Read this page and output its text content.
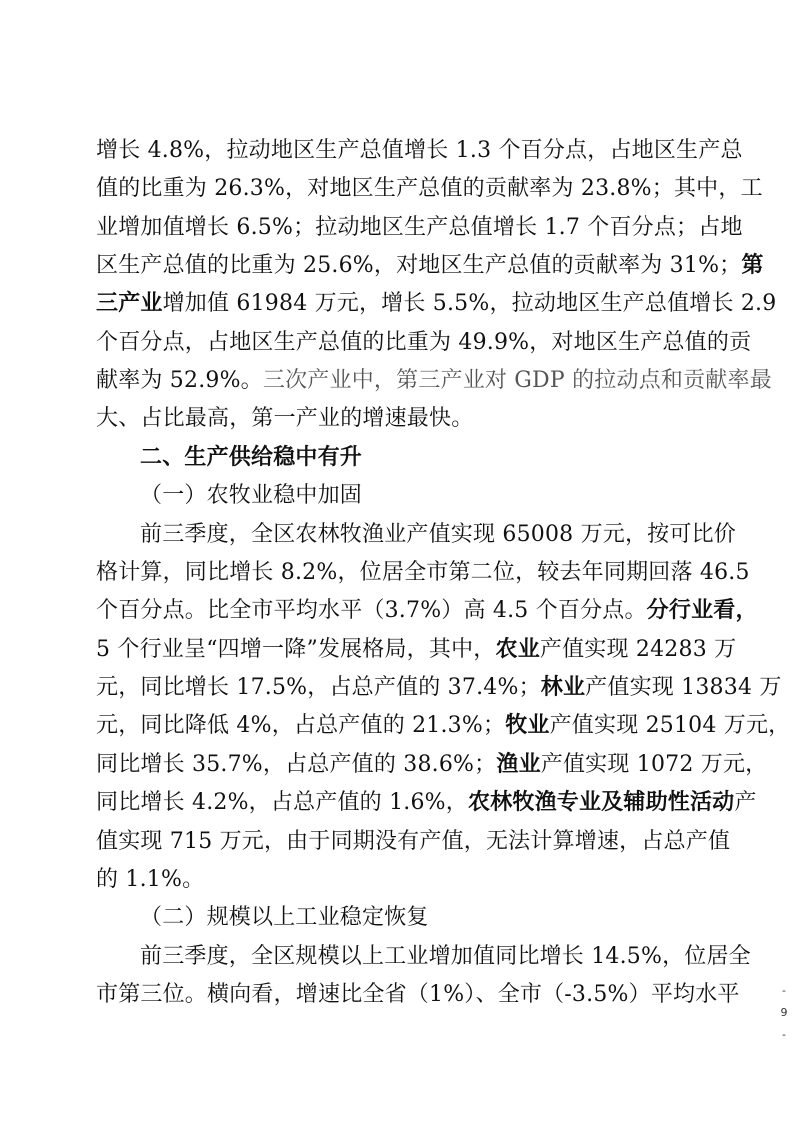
增长 4.8%，拉动地区生产总值增长 1.3 个百分点，占地区生产总
值的比重为 26.3%，对地区生产总值的贡献率为 23.8%；其中，工
业增加值增长 6.5%；拉动地区生产总值增长 1.7 个百分点；占地
区生产总值的比重为 25.6%，对地区生产总值的贡献率为 31%；第
三产业增加值 61984 万元，增长 5.5%，拉动地区生产总值增长 2.9
个百分点，占地区生产总值的比重为 49.9%，对地区生产总值的贡
献率为 52.9%。三次产业中，第三产业对 GDP 的拉动点和贡献率最
大、占比最高，第一产业的增速最快。
二、生产供给稳中有升
（一）农牧业稳中加固
前三季度，全区农林牧渔业产值实现 65008 万元，按可比价
格计算，同比增长 8.2%，位居全市第二位，较去年同期回落 46.5
个百分点。比全市平均水平（3.7%）高 4.5 个百分点。分行业看，
5 个行业呈“四增一降”发展格局，其中，农业产值实现 24283 万
元，同比增长 17.5%，占总产值的 37.4%；林业产值实现 13834 万
元，同比降低 4%，占总产值的 21.3%；牧业产值实现 25104 万元，
同比增长 35.7%，占总产值的 38.6%；渔业产值实现 1072 万元，
同比增长 4.2%，占总产值的 1.6%，农林牧渔专业及辅助性活动产
值实现 715 万元，由于同期没有产值，无法计算增速，占总产值
的 1.1%。
（二）规模以上工业稳定恢复
前三季度，全区规模以上工业增加值同比增长 14.5%，位居全
市第三位。横向看，增速比全省（1%）、全市（-3.5%）平均水平	-
9
-
